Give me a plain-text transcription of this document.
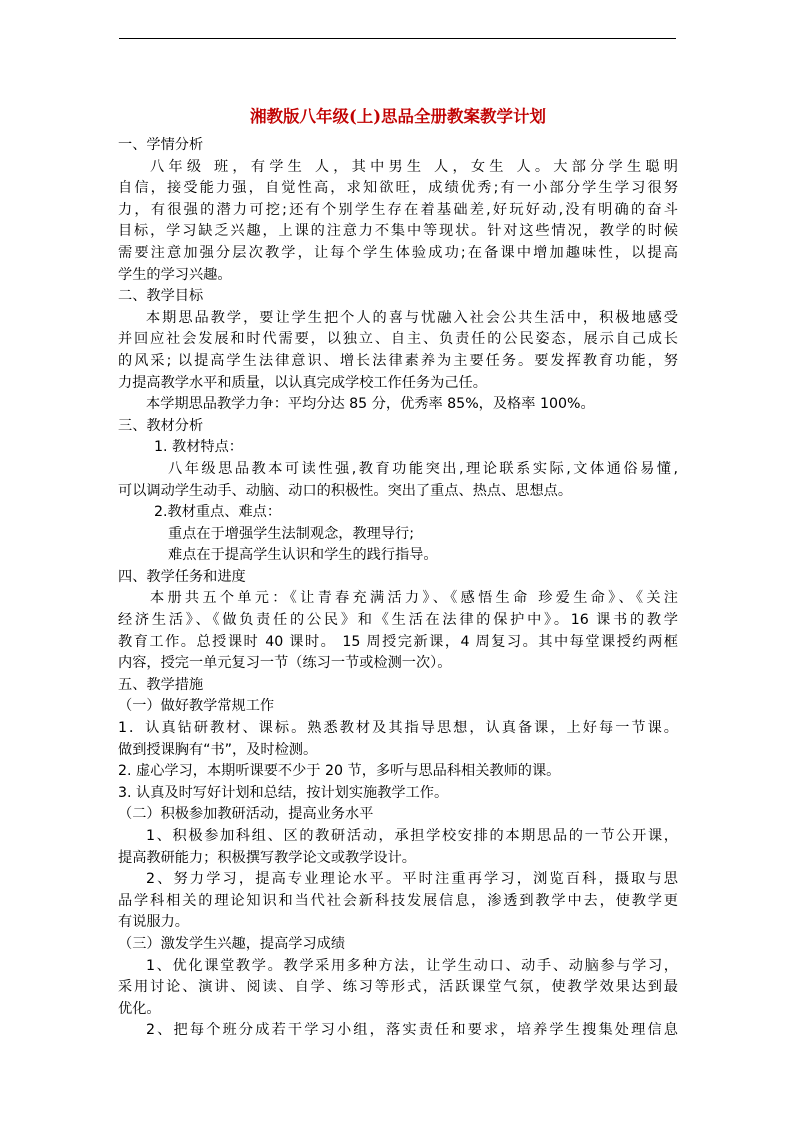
湘教版八年级(上)思品全册教案教学计划
一、学情分析
八年级 班，有学生 人，其中男生 人，女生 人。大部分学生聪明
自信，接受能力强，自觉性高，求知欲旺，成绩优秀;有一小部分学生学习很努
力，有很强的潜力可挖;还有个别学生存在着基础差,好玩好动,没有明确的奋斗
目标，学习缺乏兴趣，上课的注意力不集中等现状。针对这些情况，教学的时候
需要注意加强分层次教学，让每个学生体验成功;在备课中增加趣味性，以提高
学生的学习兴趣。
二、教学目标
本期思品教学，要让学生把个人的喜与忧融入社会公共生活中，积极地感受
并回应社会发展和时代需要，以独立、自主、负责任的公民姿态，展示自己成长
的风采; 以提高学生法律意识、增长法律素养为主要任务。要发挥教育功能，努
力提高教学水平和质量，以认真完成学校工作任务为己任。
本学期思品教学力争：平均分达 85 分，优秀率 85%，及格率 100%。
三、教材分析
1. 教材特点：
八年级思品教本可读性强,教育功能突出,理论联系实际,文体通俗易懂,
可以调动学生动手、动脑、动口的积极性。突出了重点、热点、思想点。
2.教材重点、难点：
重点在于增强学生法制观念，教理导行;
难点在于提高学生认识和学生的践行指导。
四、教学任务和进度
本册共五个单元：《让青春充满活力》、《感悟生命 珍爱生命》、《关注
经济生活》、《做负责任的公民》和《生活在法律的保护中》。16 课书的教学
教育工作。总授课时 40 课时。 15 周授完新课，4 周复习。其中每堂课授约两框
内容，授完一单元复习一节（练习一节或检测一次）。
五、教学措施
（一）做好教学常规工作
1．认真钻研教材、课标。熟悉教材及其指导思想，认真备课，上好每一节课。
做到授课胸有“书”，及时检测。
2. 虚心学习，本期听课要不少于 20 节，多听与思品科相关教师的课。
3. 认真及时写好计划和总结，按计划实施教学工作。
（二）积极参加教研活动，提高业务水平
1、积极参加科组、区的教研活动，承担学校安排的本期思品的一节公开课，
提高教研能力；积极撰写教学论文或教学设计。
2、努力学习，提高专业理论水平。平时注重再学习，浏览百科，摄取与思
品学科相关的理论知识和当代社会新科技发展信息，渗透到教学中去，使教学更
有说服力。
（三）激发学生兴趣，提高学习成绩
1、优化课堂教学。教学采用多种方法，让学生动口、动手、动脑参与学习，
采用讨论、演讲、阅读、自学、练习等形式，活跃课堂气氛，使教学效果达到最
优化。
2、把每个班分成若干学习小组，落实责任和要求，培养学生搜集处理信息
